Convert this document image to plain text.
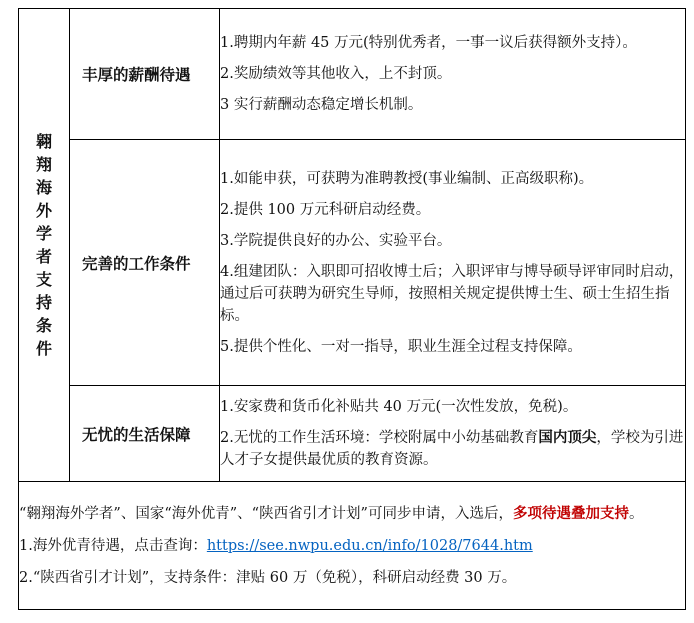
翱翔海外学者支持条件	丰厚的薪酬待遇	1.聘期内年薪 45 万元(特别优秀者，一事一议后获得额外支持）。
2.奖励绩效等其他收入，上不封顶。
3 实行薪酬动态稳定增长机制。

	完善的工作条件	1.如能申获，可获聘为准聘教授(事业编制、正高级职称)。
2.提供 100 万元科研启动经费。
3.学院提供良好的办公、实验平台。
4.组建团队：入职即可招收博士后；入职评审与博导硕导评审同时启动，通过后可获聘为研究生导师，按照相关规定提供博士生、硕士生招生指标。
5.提供个性化、一对一指导，职业生涯全过程支持保障。

	无忧的生活保障	1.安家费和货币化补贴共 40 万元(一次性发放，免税)。
2.无忧的工作生活环境：学校附属中小幼基础教育国内顶尖，学校为引进人才子女提供最优质的教育资源。

“翱翔海外学者”、国家“海外优青”、“陕西省引才计划”可同步申请，入选后，多项待遇叠加支持。
1.海外优青待遇，点击查询：https://see.nwpu.edu.cn/info/1028/7644.htm
2.“陕西省引才计划”，支持条件：津贴 60 万（免税），科研启动经费 30 万。		
